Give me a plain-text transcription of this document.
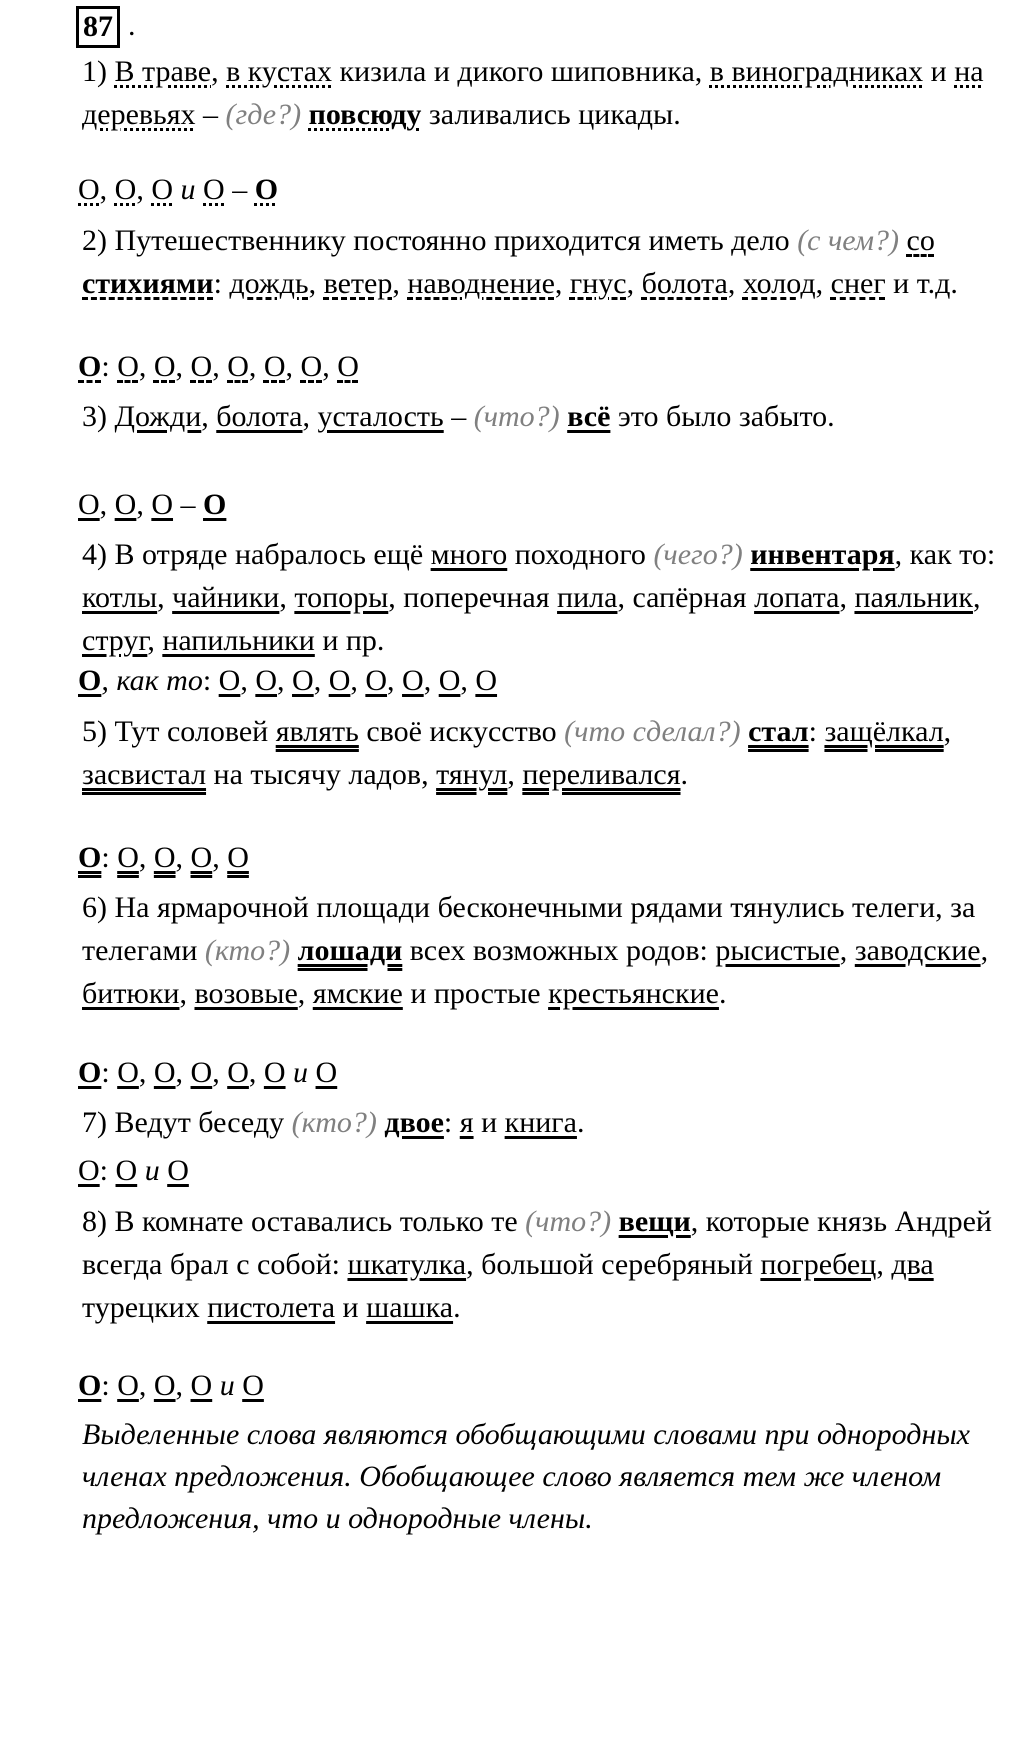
87 .
1) В траве, в кустах кизила и дикого шиповника, в виноградниках и на деревьях – (где?) повсюду заливались цикады.
О, О, О и О – О
2) Путешественнику постоянно приходится иметь дело (с чем?) со стихиями: дождь, ветер, наводнение, гнус, болота, холод, снег и т.д.
О: О, О, О, О, О, О, О
3) Дожди, болота, усталость – (что?) всё это было забыто.
О, О, О – О
4) В отряде набралось ещё много походного (чего?) инвентаря, как то: котлы, чайники, топоры, поперечная пила, сапёрная лопата, паяльник, струг, напильники и пр.
О, как то: О, О, О, О, О, О, О, О
5) Тут соловей являть своё искусство (что сделал?) стал: защёлкал, засвистал на тысячу ладов, тянул, переливался.
О: О, О, О, О
6) На ярмарочной площади бесконечными рядами тянулись телеги, за телегами (кто?) лошади всех возможных родов: рысистые, заводские, битюки, возовые, ямские и простые крестьянские.
О: О, О, О, О, О и О
7) Ведут беседу (кто?) двое: я и книга.
О: О и О
8) В комнате оставались только те (что?) вещи, которые князь Андрей всегда брал с собой: шкатулка, большой серебряный погребец, два турецких пистолета и шашка.
О: О, О, О и О
Выделенные слова являются обобщающими словами при однородных членах предложения. Обобщающее слово является тем же членом предложения, что и однородные члены.
